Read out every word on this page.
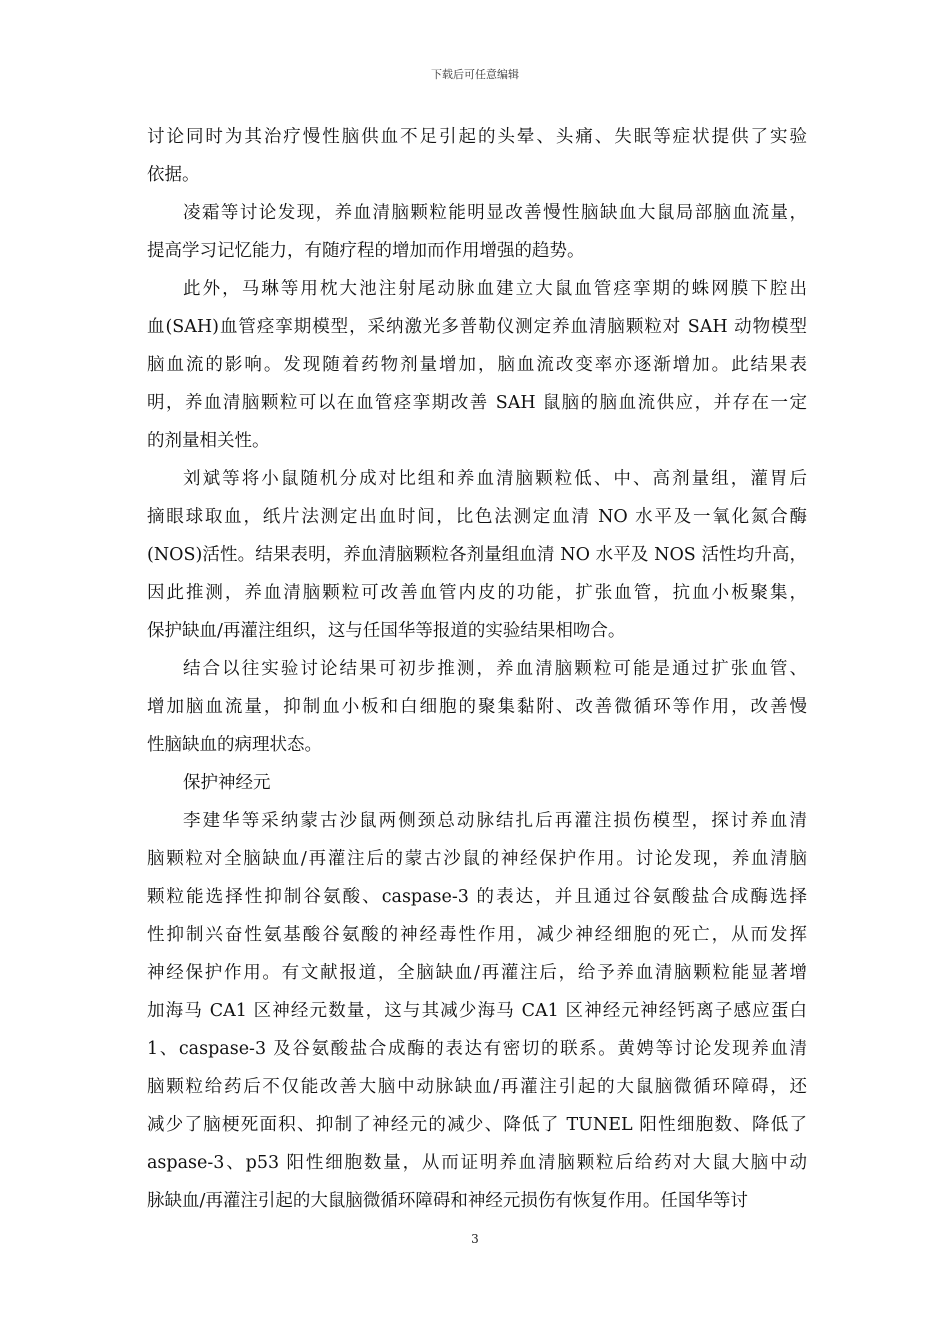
下载后可任意编辑
讨论同时为其治疗慢性脑供血不足引起的头晕、头痛、失眠等症状提供了实验
依据。
凌霜等讨论发现，养血清脑颗粒能明显改善慢性脑缺血大鼠局部脑血流量，
提高学习记忆能力，有随疗程的增加而作用增强的趋势。
此外，马琳等用枕大池注射尾动脉血建立大鼠血管痉挛期的蛛网膜下腔出
血(SAH)血管痉挛期模型，采纳激光多普勒仪测定养血清脑颗粒对 SAH 动物模型
脑血流的影响。发现随着药物剂量增加，脑血流改变率亦逐渐增加。此结果表
明，养血清脑颗粒可以在血管痉挛期改善 SAH 鼠脑的脑血流供应，并存在一定
的剂量相关性。
刘斌等将小鼠随机分成对比组和养血清脑颗粒低、中、高剂量组，灌胃后
摘眼球取血，纸片法测定出血时间，比色法测定血清 NO 水平及一氧化氮合酶
(NOS)活性。结果表明，养血清脑颗粒各剂量组血清 NO 水平及 NOS 活性均升高，
因此推测，养血清脑颗粒可改善血管内皮的功能，扩张血管，抗血小板聚集，
保护缺血/再灌注组织，这与任国华等报道的实验结果相吻合。
结合以往实验讨论结果可初步推测，养血清脑颗粒可能是通过扩张血管、
增加脑血流量，抑制血小板和白细胞的聚集黏附、改善微循环等作用，改善慢
性脑缺血的病理状态。
保护神经元
李建华等采纳蒙古沙鼠两侧颈总动脉结扎后再灌注损伤模型，探讨养血清
脑颗粒对全脑缺血/再灌注后的蒙古沙鼠的神经保护作用。讨论发现，养血清脑
颗粒能选择性抑制谷氨酸、caspase-3 的表达，并且通过谷氨酸盐合成酶选择
性抑制兴奋性氨基酸谷氨酸的神经毒性作用，减少神经细胞的死亡，从而发挥
神经保护作用。有文献报道，全脑缺血/再灌注后，给予养血清脑颗粒能显著增
加海马 CA1 区神经元数量，这与其减少海马 CA1 区神经元神经钙离子感应蛋白
1、caspase-3 及谷氨酸盐合成酶的表达有密切的联系。黄娉等讨论发现养血清
脑颗粒给药后不仅能改善大脑中动脉缺血/再灌注引起的大鼠脑微循环障碍，还
减少了脑梗死面积、抑制了神经元的减少、降低了 TUNEL 阳性细胞数、降低了
aspase-3、p53 阳性细胞数量，从而证明养血清脑颗粒后给药对大鼠大脑中动
脉缺血/再灌注引起的大鼠脑微循环障碍和神经元损伤有恢复作用。任国华等讨
3
